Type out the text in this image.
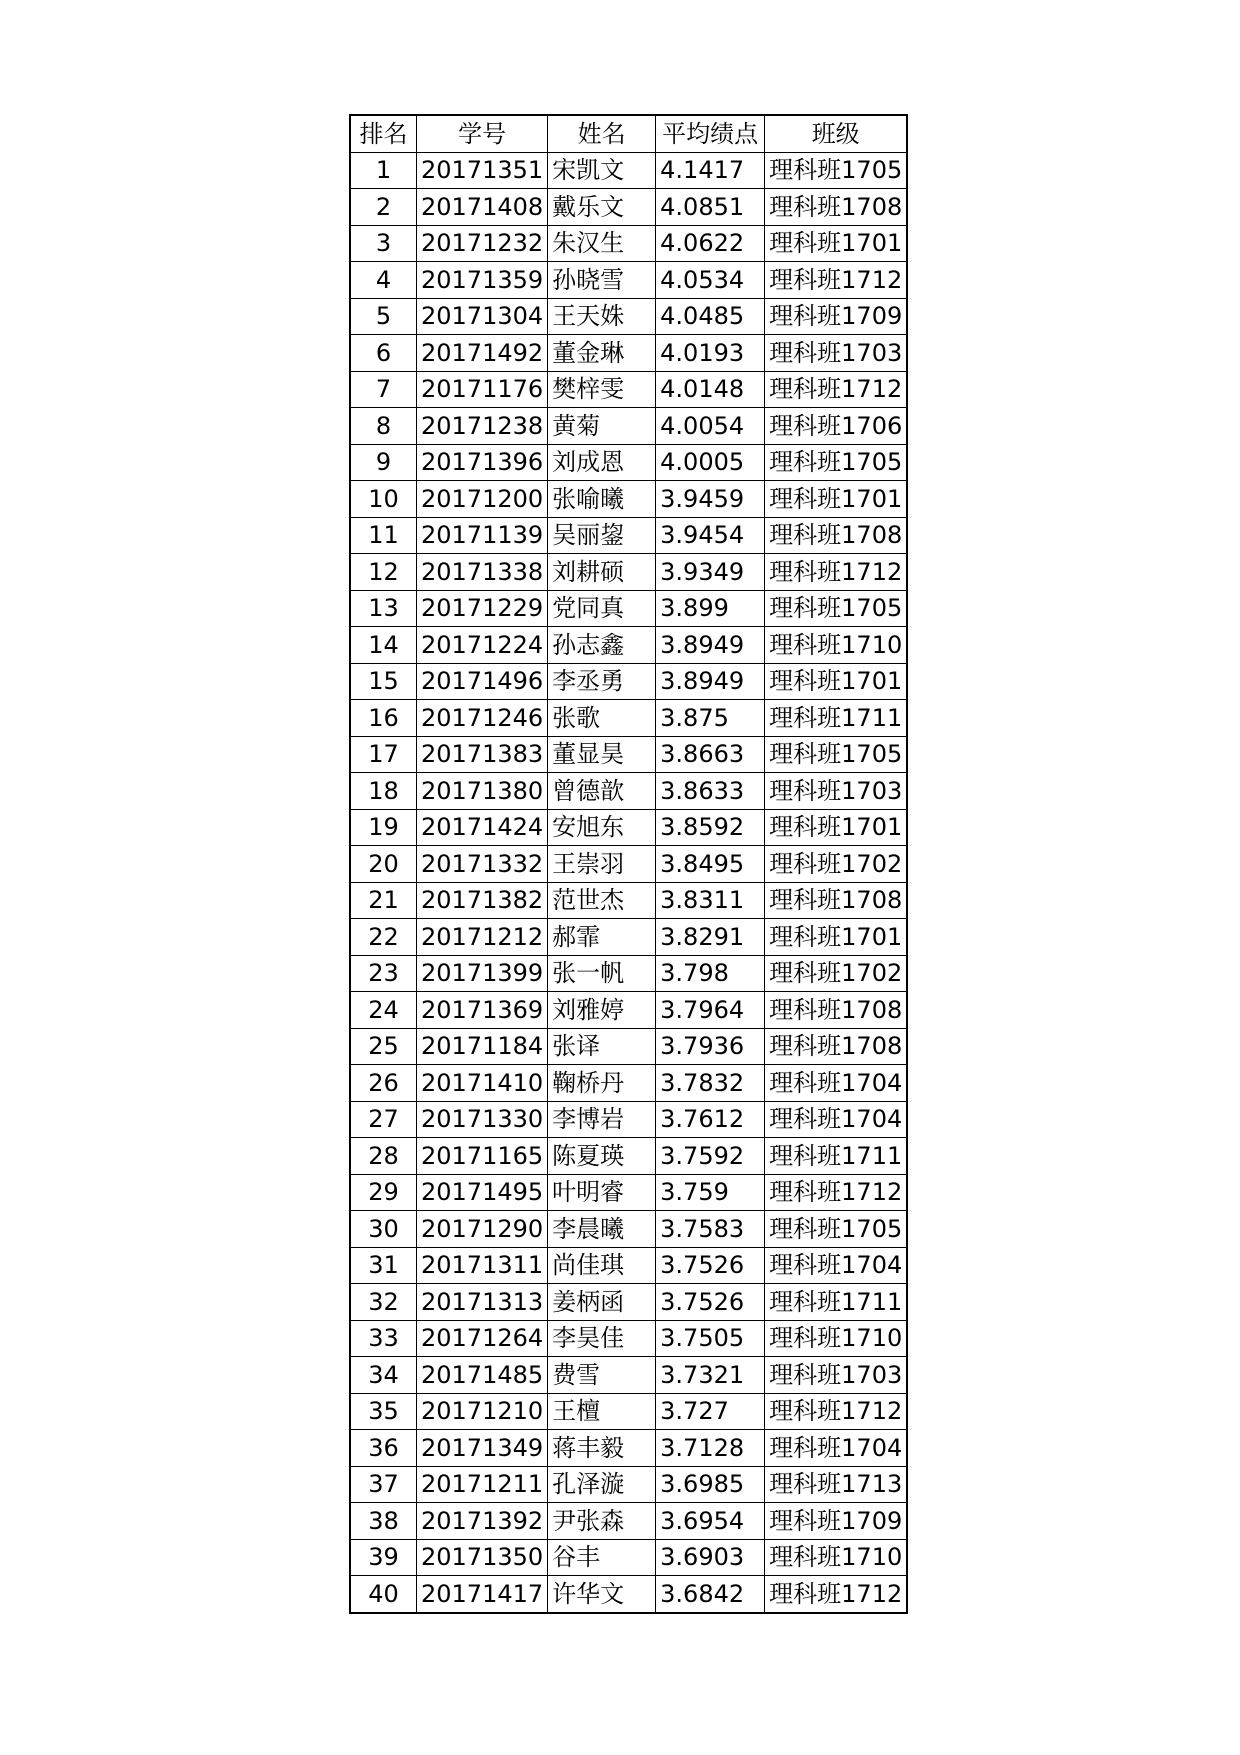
排名	学号	姓名	平均绩点	班级
1	20171351	宋凯文	4.1417	理科班1705
2	20171408	戴乐文	4.0851	理科班1708
3	20171232	朱汉生	4.0622	理科班1701
4	20171359	孙晓雪	4.0534	理科班1712
5	20171304	王天姝	4.0485	理科班1709
6	20171492	董金琳	4.0193	理科班1703
7	20171176	樊梓雯	4.0148	理科班1712
8	20171238	黄菊	4.0054	理科班1706
9	20171396	刘成恩	4.0005	理科班1705
10	20171200	张喻曦	3.9459	理科班1701
11	20171139	吴丽鋆	3.9454	理科班1708
12	20171338	刘耕硕	3.9349	理科班1712
13	20171229	党同真	3.899	理科班1705
14	20171224	孙志鑫	3.8949	理科班1710
15	20171496	李丞勇	3.8949	理科班1701
16	20171246	张歌	3.875	理科班1711
17	20171383	董显昊	3.8663	理科班1705
18	20171380	曾德歆	3.8633	理科班1703
19	20171424	安旭东	3.8592	理科班1701
20	20171332	王崇羽	3.8495	理科班1702
21	20171382	范世杰	3.8311	理科班1708
22	20171212	郝霏	3.8291	理科班1701
23	20171399	张一帆	3.798	理科班1702
24	20171369	刘雅婷	3.7964	理科班1708
25	20171184	张译	3.7936	理科班1708
26	20171410	鞠桥丹	3.7832	理科班1704
27	20171330	李博岩	3.7612	理科班1704
28	20171165	陈夏瑛	3.7592	理科班1711
29	20171495	叶明睿	3.759	理科班1712
30	20171290	李晨曦	3.7583	理科班1705
31	20171311	尚佳琪	3.7526	理科班1704
32	20171313	姜柄函	3.7526	理科班1711
33	20171264	李昊佳	3.7505	理科班1710
34	20171485	费雪	3.7321	理科班1703
35	20171210	王檀	3.727	理科班1712
36	20171349	蒋丰毅	3.7128	理科班1704
37	20171211	孔泽漩	3.6985	理科班1713
38	20171392	尹张森	3.6954	理科班1709
39	20171350	谷丰	3.6903	理科班1710
40	20171417	许华文	3.6842	理科班1712
